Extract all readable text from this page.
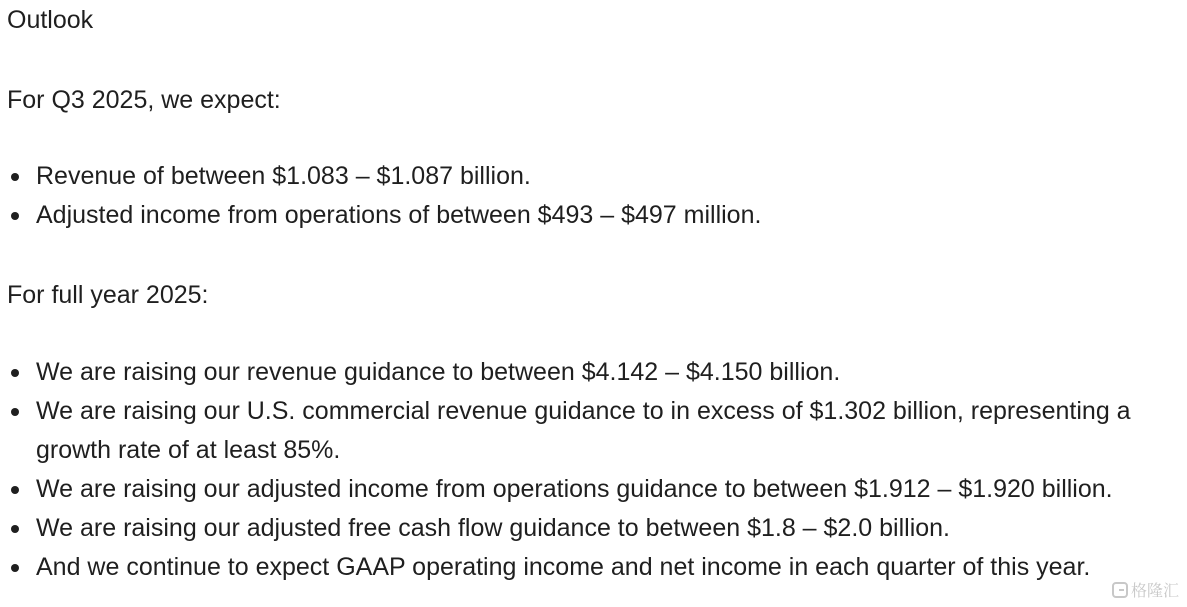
Outlook

For Q3 2025, we expect:

Revenue of between $1.083 – $1.087 billion.
Adjusted income from operations of between $493 – $497 million.

For full year 2025:

We are raising our revenue guidance to between $4.142 – $4.150 billion.
We are raising our U.S. commercial revenue guidance to in excess of $1.302 billion, representing a growth rate of at least 85%.
We are raising our adjusted income from operations guidance to between $1.912 – $1.920 billion.
We are raising our adjusted free cash flow guidance to between $1.8 – $2.0 billion.
And we continue to expect GAAP operating income and net income in each quarter of this year.
格隆汇
